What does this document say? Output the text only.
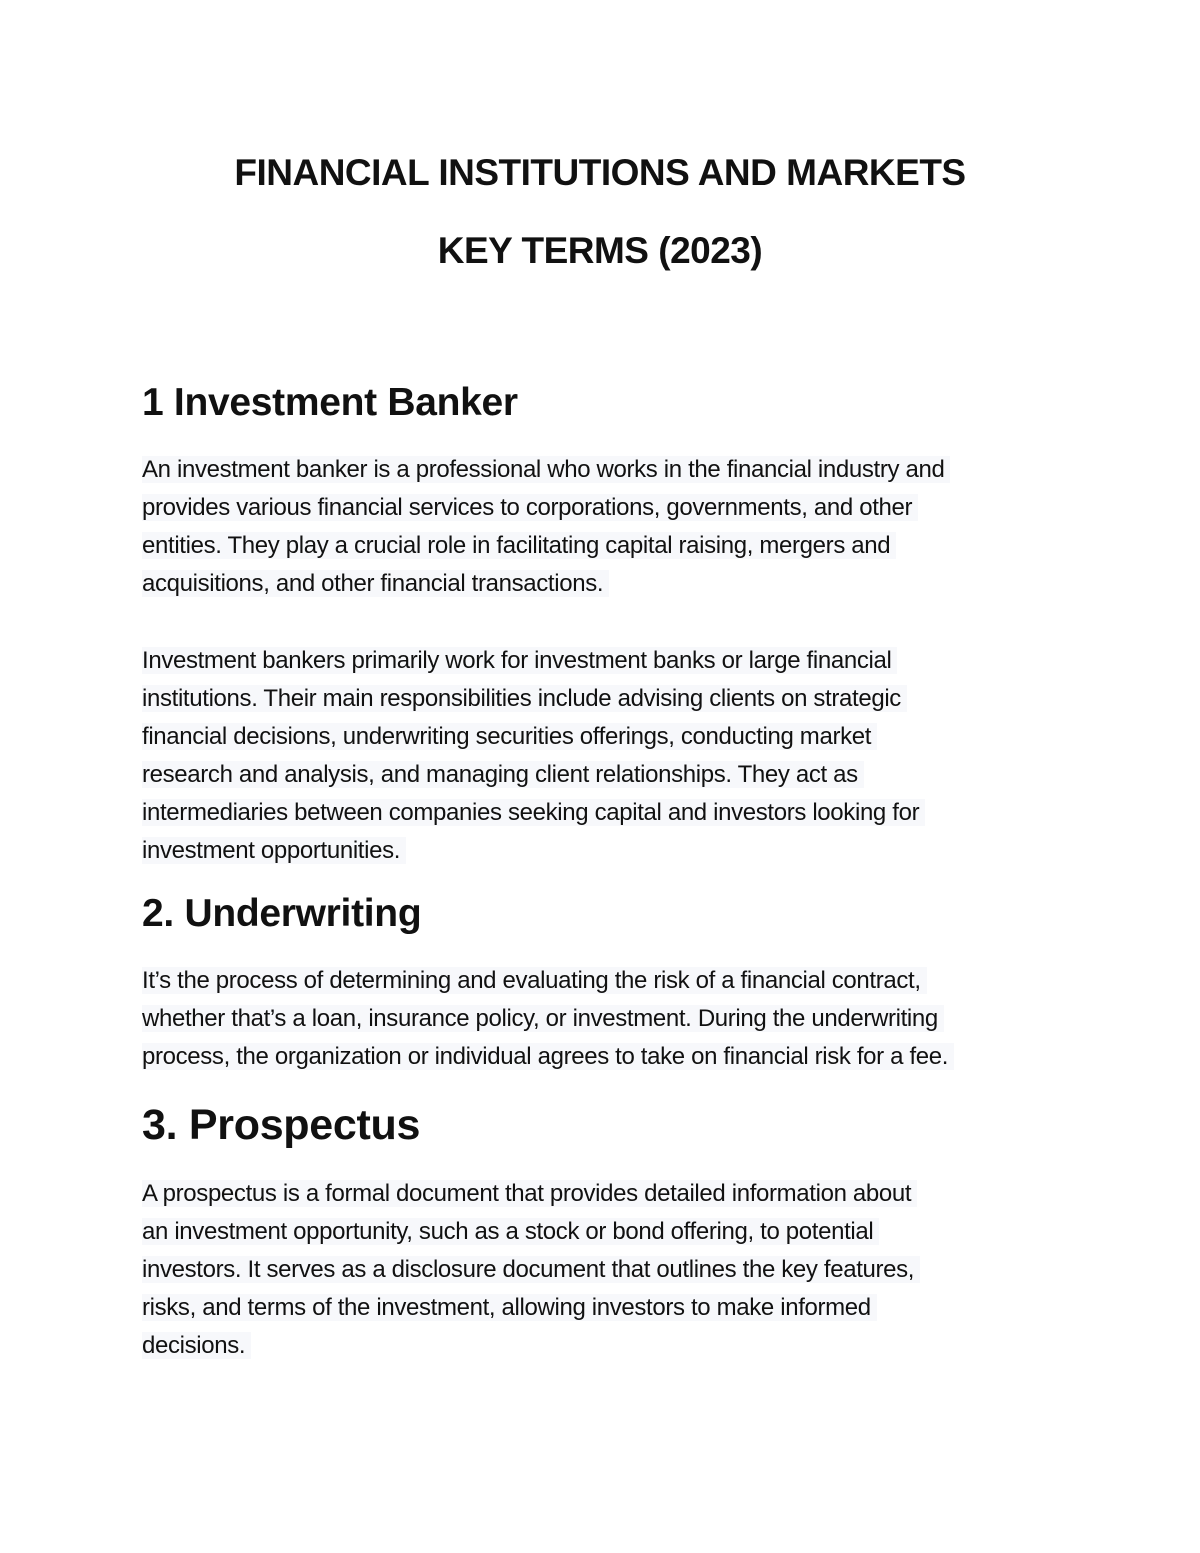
FINANCIAL INSTITUTIONS AND MARKETS
KEY TERMS (2023)
1 Investment Banker

An investment banker is a professional who works in the financial industry and
provides various financial services to corporations, governments, and other
entities. They play a crucial role in facilitating capital raising, mergers and
acquisitions, and other financial transactions.

Investment bankers primarily work for investment banks or large financial
institutions. Their main responsibilities include advising clients on strategic
financial decisions, underwriting securities offerings, conducting market
research and analysis, and managing client relationships. They act as
intermediaries between companies seeking capital and investors looking for
investment opportunities.

2. Underwriting

It’s the process of determining and evaluating the risk of a financial contract,
whether that’s a loan, insurance policy, or investment. During the underwriting
process, the organization or individual agrees to take on financial risk for a fee.

3. Prospectus

A prospectus is a formal document that provides detailed information about
an investment opportunity, such as a stock or bond offering, to potential
investors. It serves as a disclosure document that outlines the key features,
risks, and terms of the investment, allowing investors to make informed
decisions.
